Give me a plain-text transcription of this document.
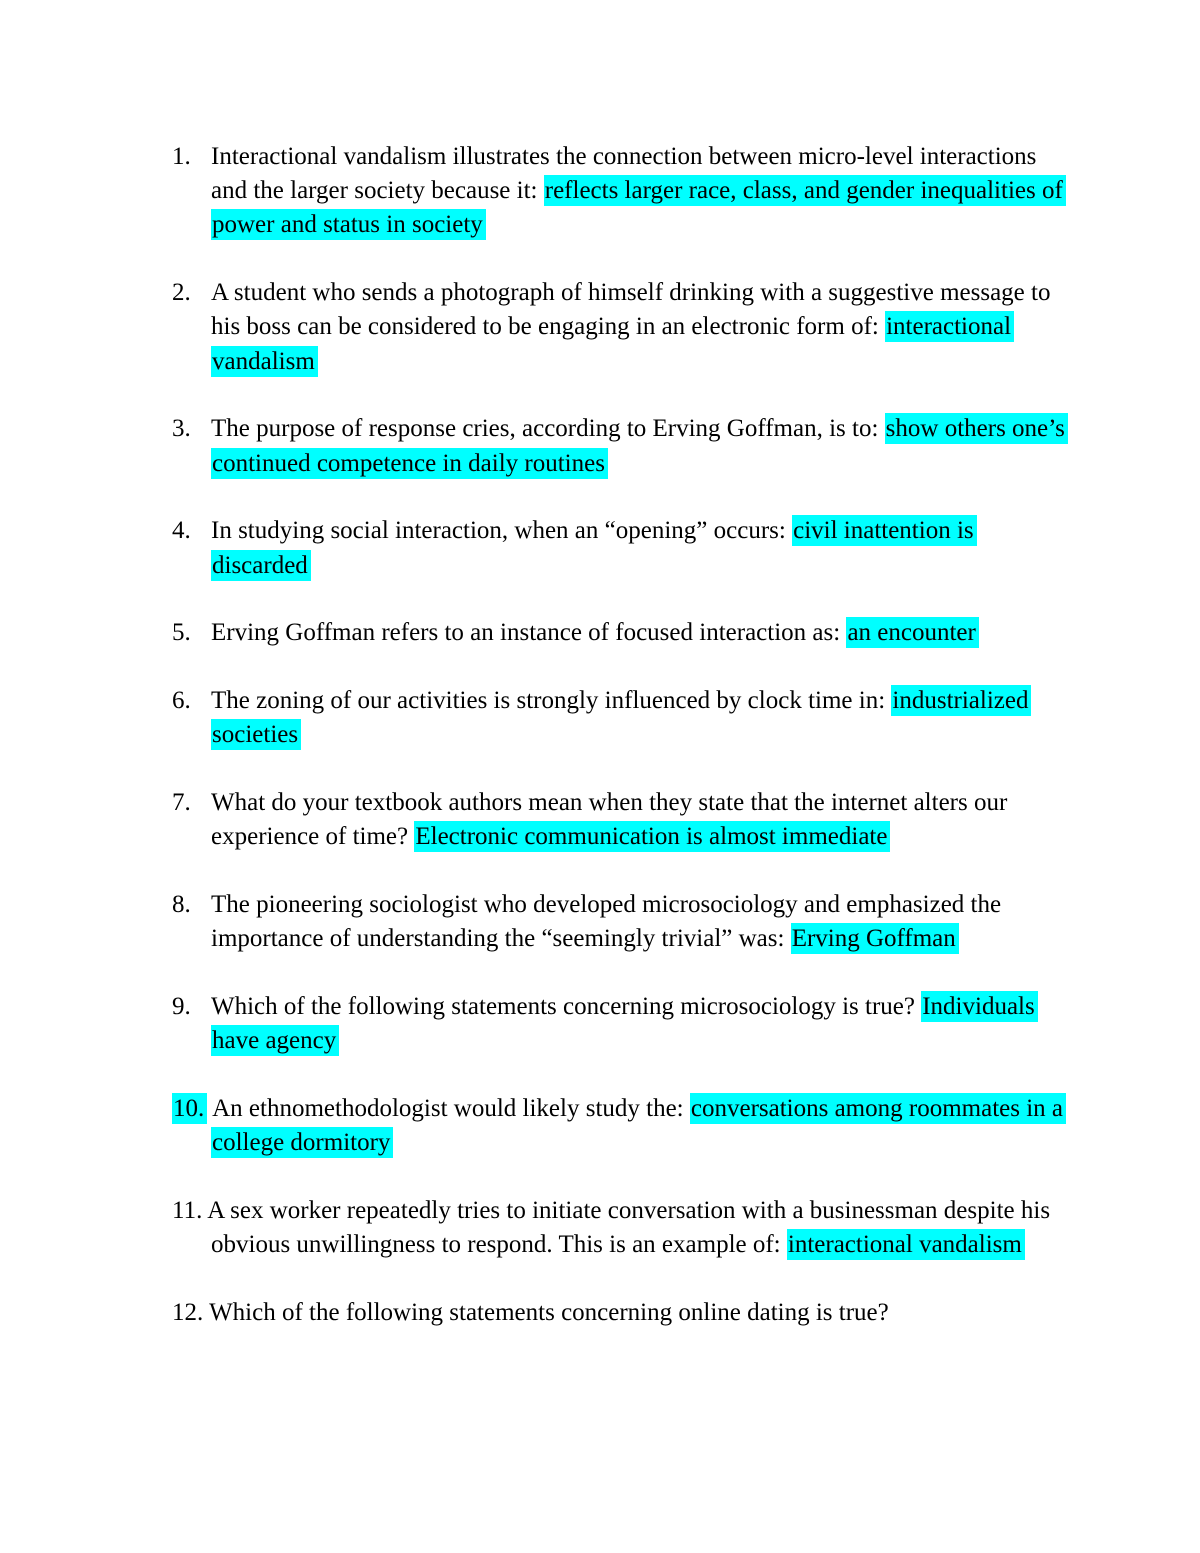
1. Interactional vandalism illustrates the connection between micro-level interactions and the larger society because it: reflects larger race, class, and gender inequalities of power and status in society
2. A student who sends a photograph of himself drinking with a suggestive message to his boss can be considered to be engaging in an electronic form of: interactional vandalism
3. The purpose of response cries, according to Erving Goffman, is to: show others one’s continued competence in daily routines
4. In studying social interaction, when an “opening” occurs: civil inattention is discarded
5. Erving Goffman refers to an instance of focused interaction as: an encounter
6. The zoning of our activities is strongly influenced by clock time in: industrialized societies
7. What do your textbook authors mean when they state that the internet alters our experience of time? Electronic communication is almost immediate
8. The pioneering sociologist who developed microsociology and emphasized the importance of understanding the “seemingly trivial” was: Erving Goffman
9. Which of the following statements concerning microsociology is true? Individuals have agency
10. An ethnomethodologist would likely study the: conversations among roommates in a college dormitory
11. A sex worker repeatedly tries to initiate conversation with a businessman despite his obvious unwillingness to respond. This is an example of: interactional vandalism
12. Which of the following statements concerning online dating is true?
